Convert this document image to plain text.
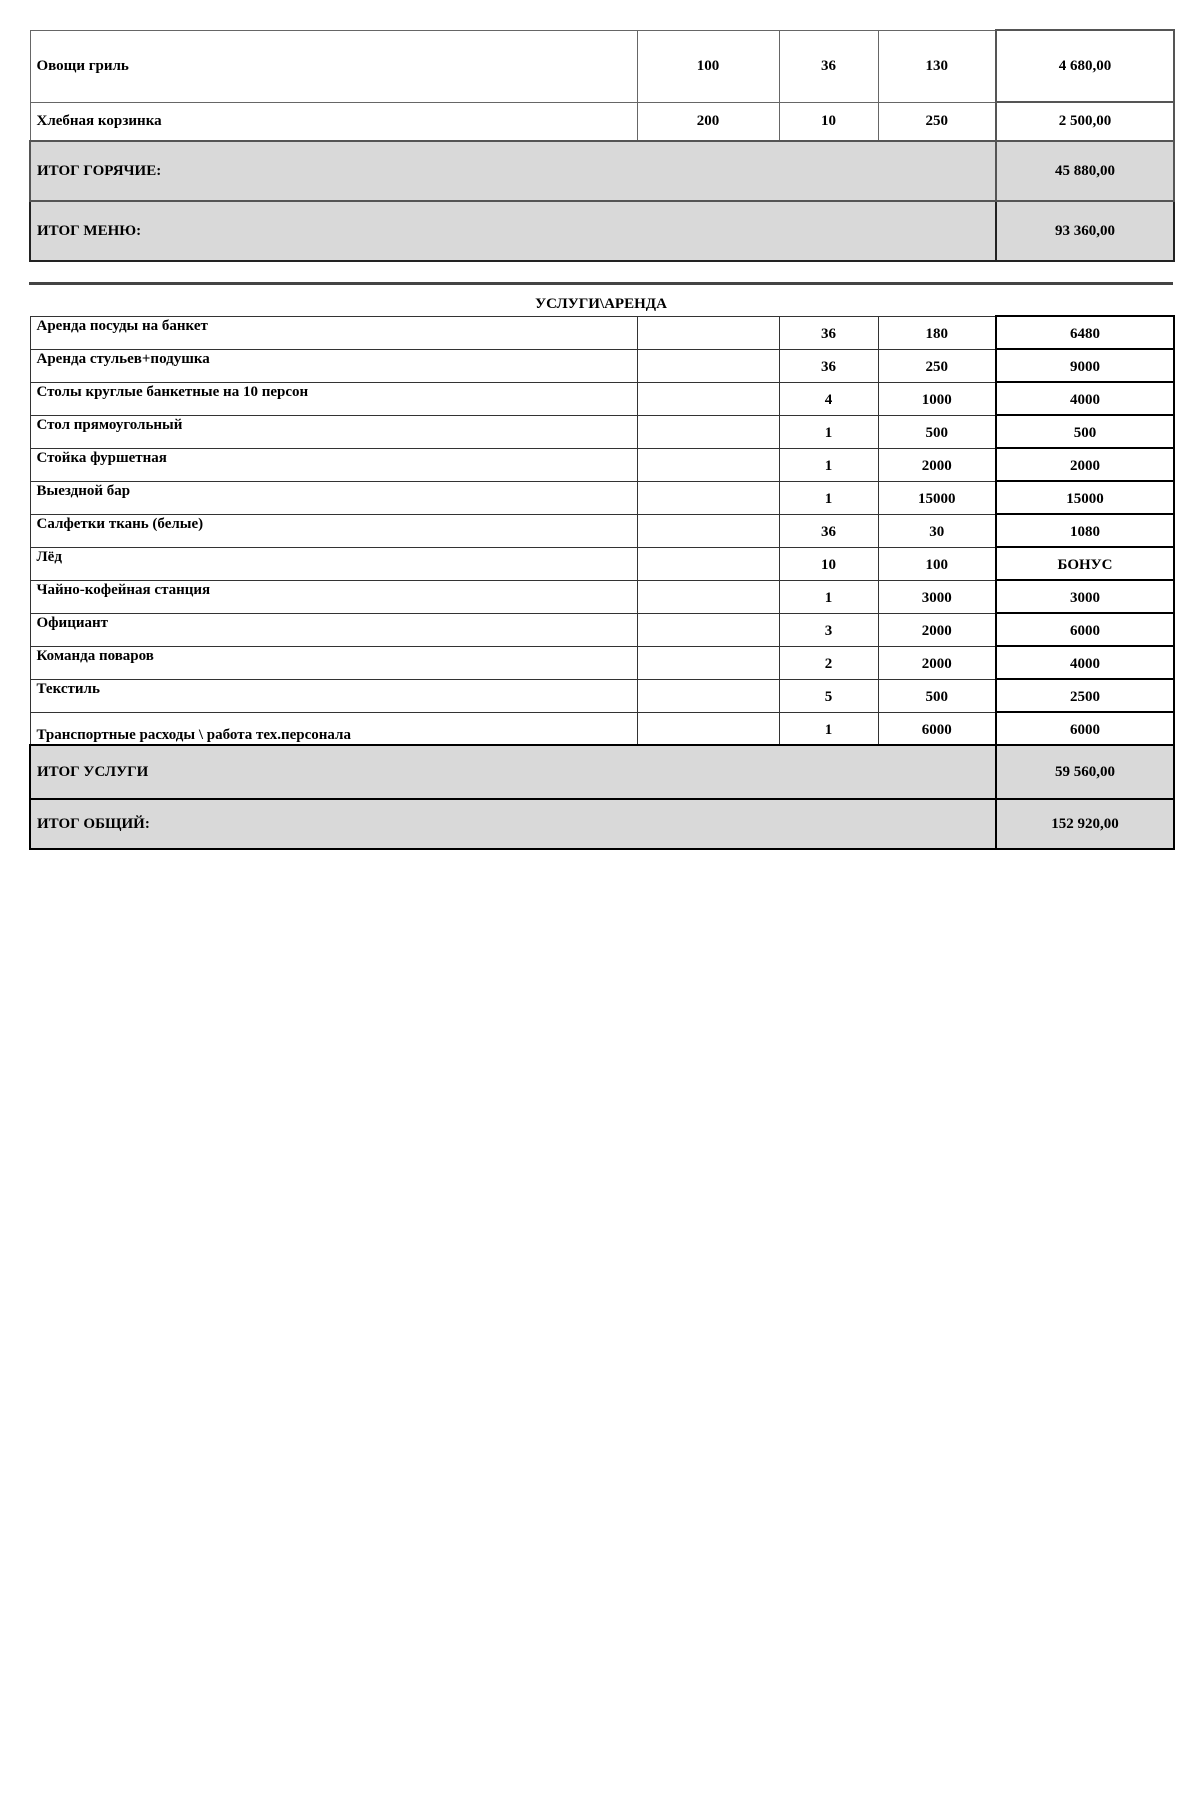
Овощи гриль	100	36	130	4 680,00
Хлебная корзинка	200	10	250	2 500,00
ИТОГ ГОРЯЧИЕ:				45 880,00
ИТОГ МЕНЮ:				93 360,00
УСЛУГИ\АРЕНДА
Аренда посуды на банкет		36	180	6480
Аренда стульев+подушка		36	250	9000
Столы круглые банкетные на 10 персон		4	1000	4000
Стол прямоугольный		1	500	500
Стойка фуршетная		1	2000	2000
Выездной бар		1	15000	15000
Салфетки ткань (белые)		36	30	1080
Лёд		10	100	БОНУС
Чайно-кофейная станция		1	3000	3000
Официант		3	2000	6000
Команда поваров		2	2000	4000
Текстиль		5	500	2500
Транспортные расходы \ работа тех.персонала		1	6000	6000
ИТОГ УСЛУГИ				59 560,00
ИТОГ ОБЩИЙ:				152 920,00
